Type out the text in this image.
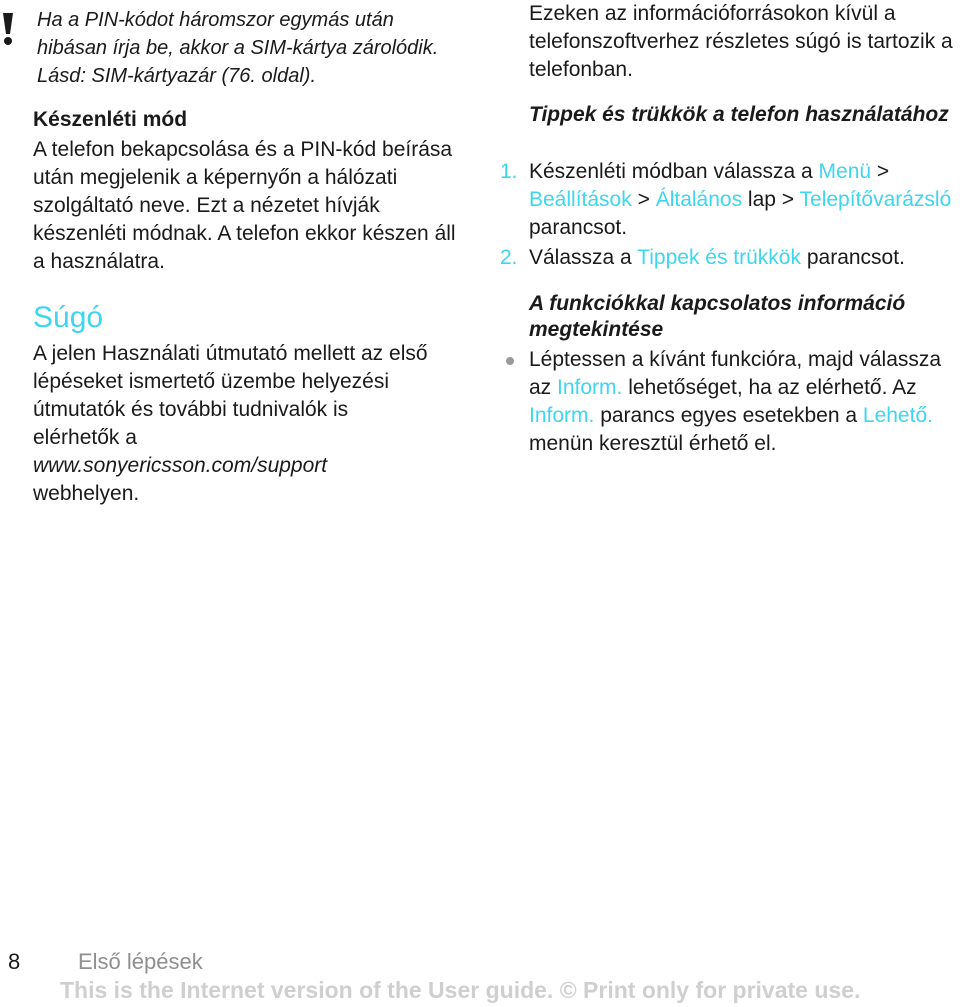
Ha a PIN-kódot háromszor egymás után hibásan írja be, akkor a SIM-kártya zárolódik. Lásd: SIM-kártyazár (76. oldal).
Készenléti mód

A telefon bekapcsolása és a PIN-kód beírása után megjelenik a képernyőn a hálózati szolgáltató neve. Ezt a nézetet hívják készenléti módnak. A telefon ekkor készen áll a használatra.

Súgó

A jelen Használati útmutató mellett az első lépéseket ismertető üzembe helyezési útmutatók és további tudnivalók is elérhetők a www.sonyericsson.com/support webhelyen.

Ezeken az információforrásokon kívül a telefonszoftverhez részletes súgó is tartozik a telefonban.

Tippek és trükkök a telefon használatához
1. Készenléti módban válassza a Menü > Beállítások > Általános lap > Telepítővarázsló parancsot.
2. Válassza a Tippek és trükkök parancsot.
A funkciókkal kapcsolatos információ megtekintése
Léptessen a kívánt funkcióra, majd válassza az Inform. lehetőséget, ha az elérhető. Az Inform. parancs egyes esetekben a Lehető. menün keresztül érhető el.
8	Első lépések
This is the Internet version of the User guide. © Print only for private use.
